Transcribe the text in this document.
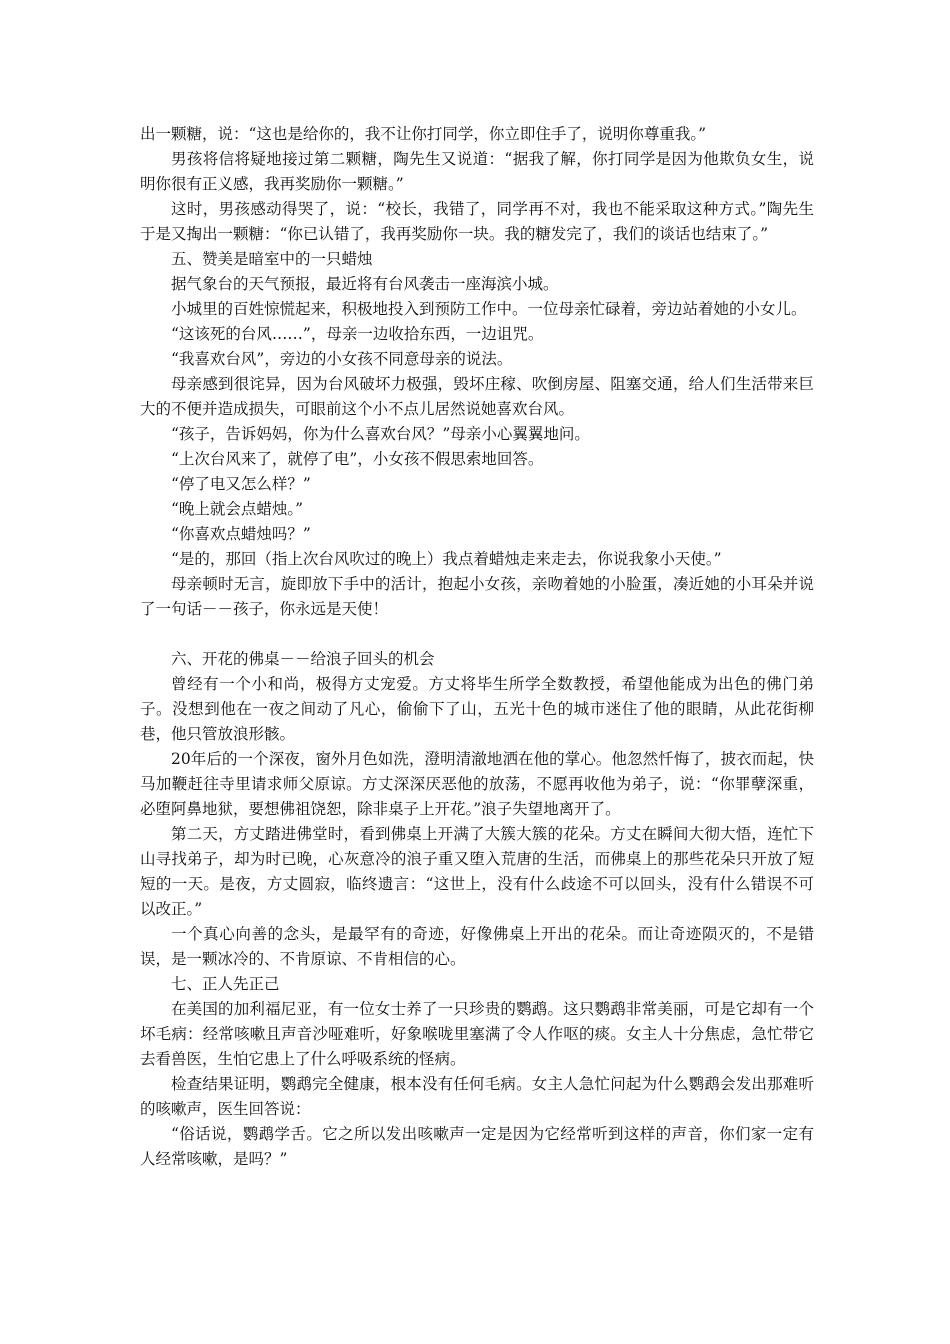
出一颗糖，说：“这也是给你的，我不让你打同学，你立即住手了，说明你尊重我。”

男孩将信将疑地接过第二颗糖，陶先生又说道：“据我了解，你打同学是因为他欺负女生，说明你很有正义感，我再奖励你一颗糖。”

这时，男孩感动得哭了，说：“校长，我错了，同学再不对，我也不能采取这种方式。”陶先生于是又掏出一颗糖：“你已认错了，我再奖励你一块。我的糖发完了，我们的谈话也结束了。”

五、赞美是暗室中的一只蜡烛

据气象台的天气预报，最近将有台风袭击一座海滨小城。

小城里的百姓惊慌起来，积极地投入到预防工作中。一位母亲忙碌着，旁边站着她的小女儿。

“这该死的台风……”，母亲一边收拾东西，一边诅咒。

“我喜欢台风”，旁边的小女孩不同意母亲的说法。

母亲感到很诧异，因为台风破坏力极强，毁坏庄稼、吹倒房屋、阻塞交通，给人们生活带来巨大的不便并造成损失，可眼前这个小不点儿居然说她喜欢台风。

“孩子，告诉妈妈，你为什么喜欢台风？”母亲小心翼翼地问。

“上次台风来了，就停了电”，小女孩不假思索地回答。

“停了电又怎么样？”

“晚上就会点蜡烛。”

“你喜欢点蜡烛吗？”

“是的，那回（指上次台风吹过的晚上）我点着蜡烛走来走去，你说我象小天使。”

母亲顿时无言，旋即放下手中的活计，抱起小女孩，亲吻着她的小脸蛋，凑近她的小耳朵并说了一句话－－孩子，你永远是天使！

六、开花的佛桌－－给浪子回头的机会

曾经有一个小和尚，极得方丈宠爱。方丈将毕生所学全数教授，希望他能成为出色的佛门弟子。没想到他在一夜之间动了凡心，偷偷下了山，五光十色的城市迷住了他的眼睛，从此花街柳巷，他只管放浪形骸。

20年后的一个深夜，窗外月色如洗，澄明清澈地洒在他的掌心。他忽然忏悔了，披衣而起，快马加鞭赶往寺里请求师父原谅。方丈深深厌恶他的放荡，不愿再收他为弟子，说：“你罪孽深重，必堕阿鼻地狱，要想佛祖饶恕，除非桌子上开花。”浪子失望地离开了。

第二天，方丈踏进佛堂时，看到佛桌上开满了大簇大簇的花朵。方丈在瞬间大彻大悟，连忙下山寻找弟子，却为时已晚，心灰意冷的浪子重又堕入荒唐的生活，而佛桌上的那些花朵只开放了短短的一天。是夜，方丈圆寂，临终遗言：“这世上，没有什么歧途不可以回头，没有什么错误不可以改正。”

一个真心向善的念头，是最罕有的奇迹，好像佛桌上开出的花朵。而让奇迹陨灭的，不是错误，是一颗冰冷的、不肯原谅、不肯相信的心。

七、正人先正己

在美国的加利福尼亚，有一位女士养了一只珍贵的鹦鹉。这只鹦鹉非常美丽，可是它却有一个坏毛病：经常咳嗽且声音沙哑难听，好象喉咙里塞满了令人作呕的痰。女主人十分焦虑，急忙带它去看兽医，生怕它患上了什么呼吸系统的怪病。

检查结果证明，鹦鹉完全健康，根本没有任何毛病。女主人急忙问起为什么鹦鹉会发出那难听的咳嗽声，医生回答说：

“俗话说，鹦鹉学舌。它之所以发出咳嗽声一定是因为它经常听到这样的声音，你们家一定有人经常咳嗽，是吗？”
